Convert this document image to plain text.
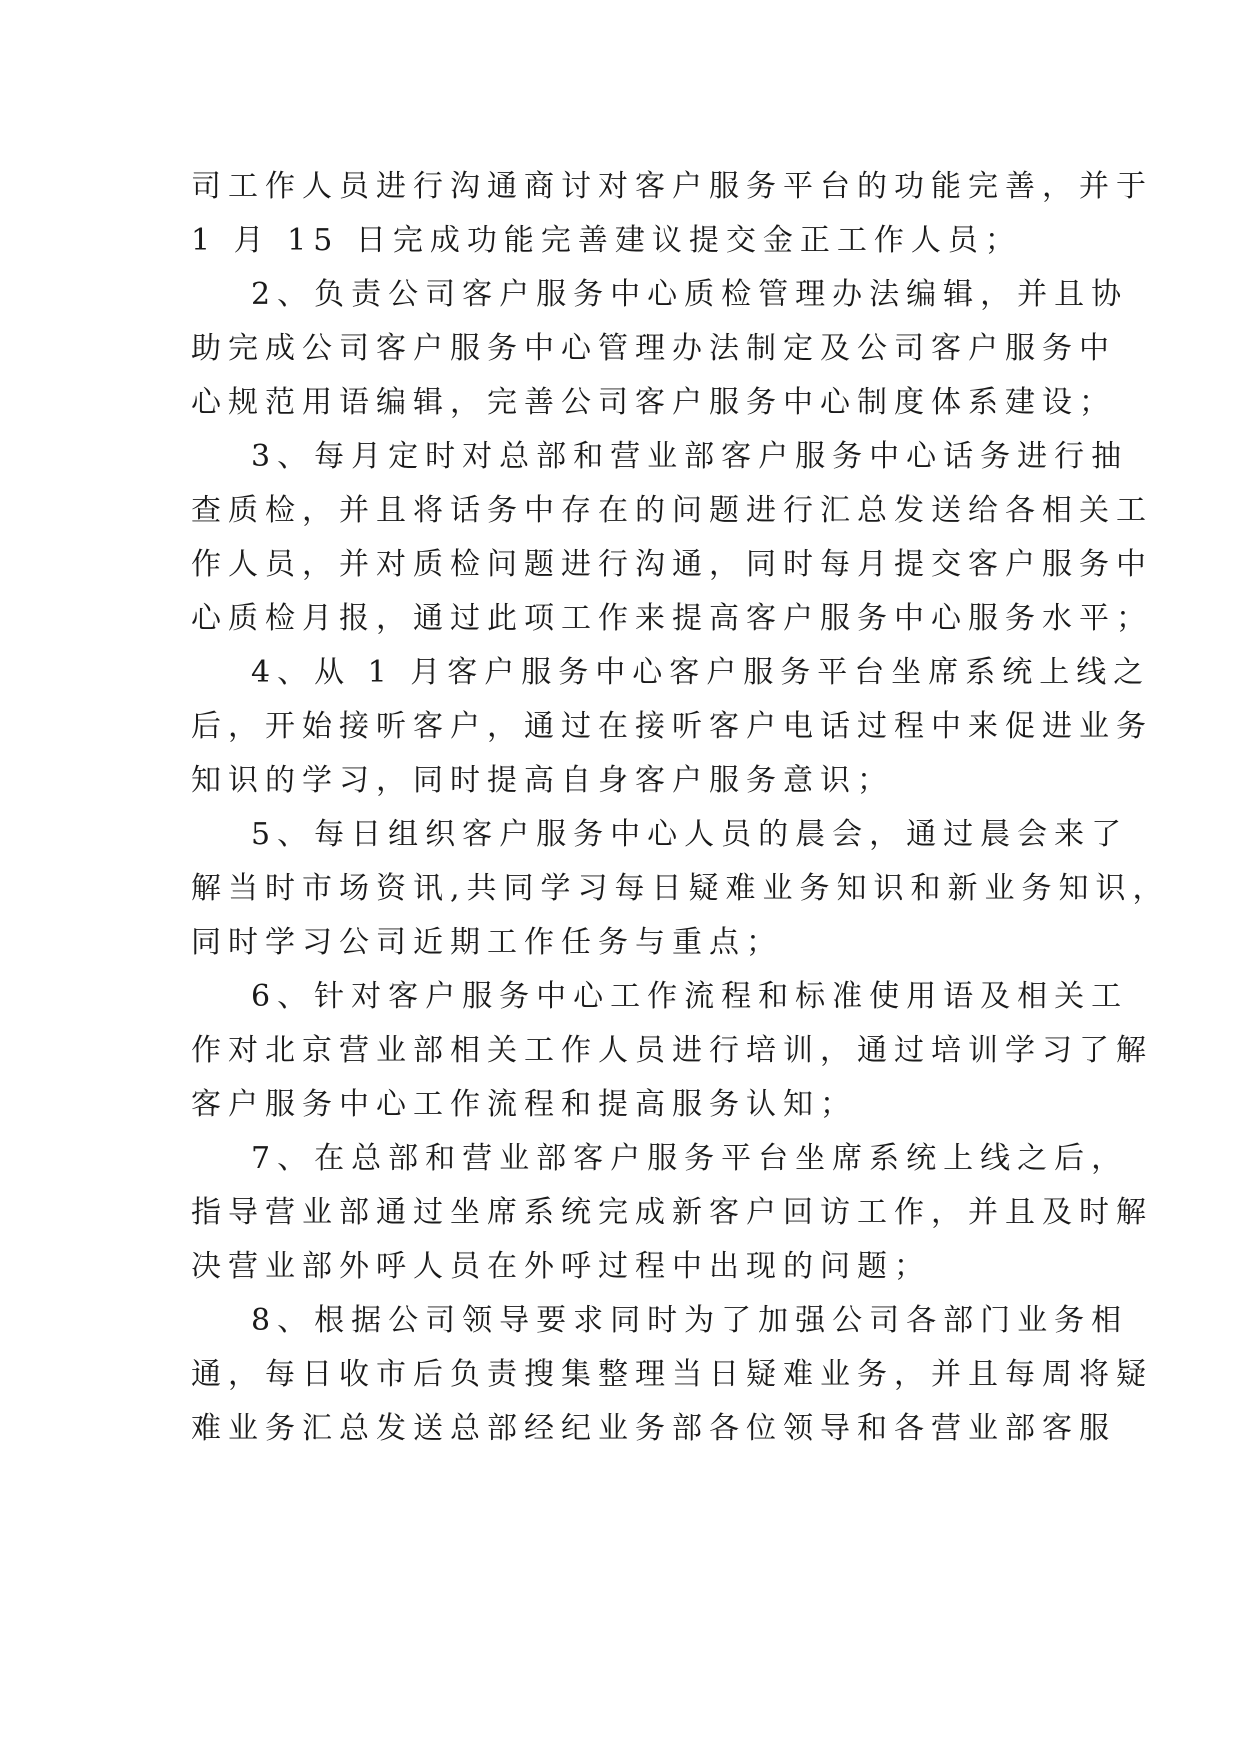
司工作人员进行沟通商讨对客户服务平台的功能完善，并于
1 月 15 日完成功能完善建议提交金正工作人员；
2、负责公司客户服务中心质检管理办法编辑，并且协
助完成公司客户服务中心管理办法制定及公司客户服务中
心规范用语编辑，完善公司客户服务中心制度体系建设；
3、每月定时对总部和营业部客户服务中心话务进行抽
查质检，并且将话务中存在的问题进行汇总发送给各相关工
作人员，并对质检问题进行沟通，同时每月提交客户服务中
心质检月报，通过此项工作来提高客户服务中心服务水平；
4、从 1 月客户服务中心客户服务平台坐席系统上线之
后，开始接听客户，通过在接听客户电话过程中来促进业务
知识的学习，同时提高自身客户服务意识；
5、每日组织客户服务中心人员的晨会，通过晨会来了
解当时市场资讯,共同学习每日疑难业务知识和新业务知识，
同时学习公司近期工作任务与重点；
6、针对客户服务中心工作流程和标准使用语及相关工
作对北京营业部相关工作人员进行培训，通过培训学习了解
客户服务中心工作流程和提高服务认知；
7、在总部和营业部客户服务平台坐席系统上线之后，
指导营业部通过坐席系统完成新客户回访工作，并且及时解
决营业部外呼人员在外呼过程中出现的问题；
8、根据公司领导要求同时为了加强公司各部门业务相
通，每日收市后负责搜集整理当日疑难业务，并且每周将疑
难业务汇总发送总部经纪业务部各位领导和各营业部客服
